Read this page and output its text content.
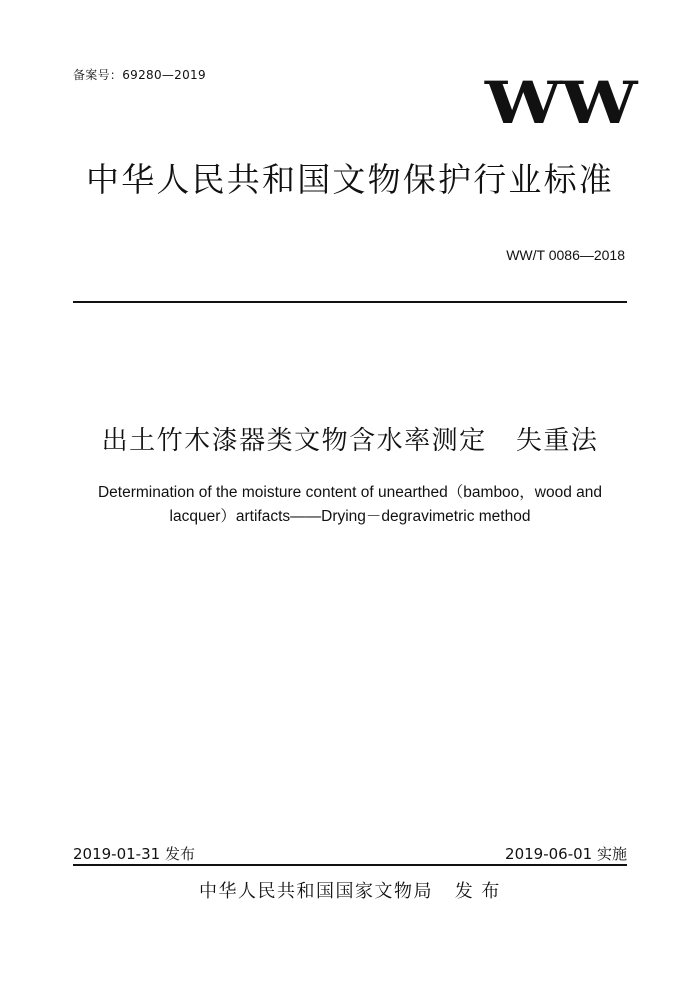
备案号：69280—2019	WW
中华人民共和国文物保护行业标准
WW/T 0086—2018
出土竹木漆器类文物含水率测定   失重法
Determination of the moisture content of unearthed（bamboo，wood and
lacquer）artifacts——Drying－degravimetric method
2019-01-31 发布	2019-06-01 实施
中华人民共和国国家文物局   发 布
